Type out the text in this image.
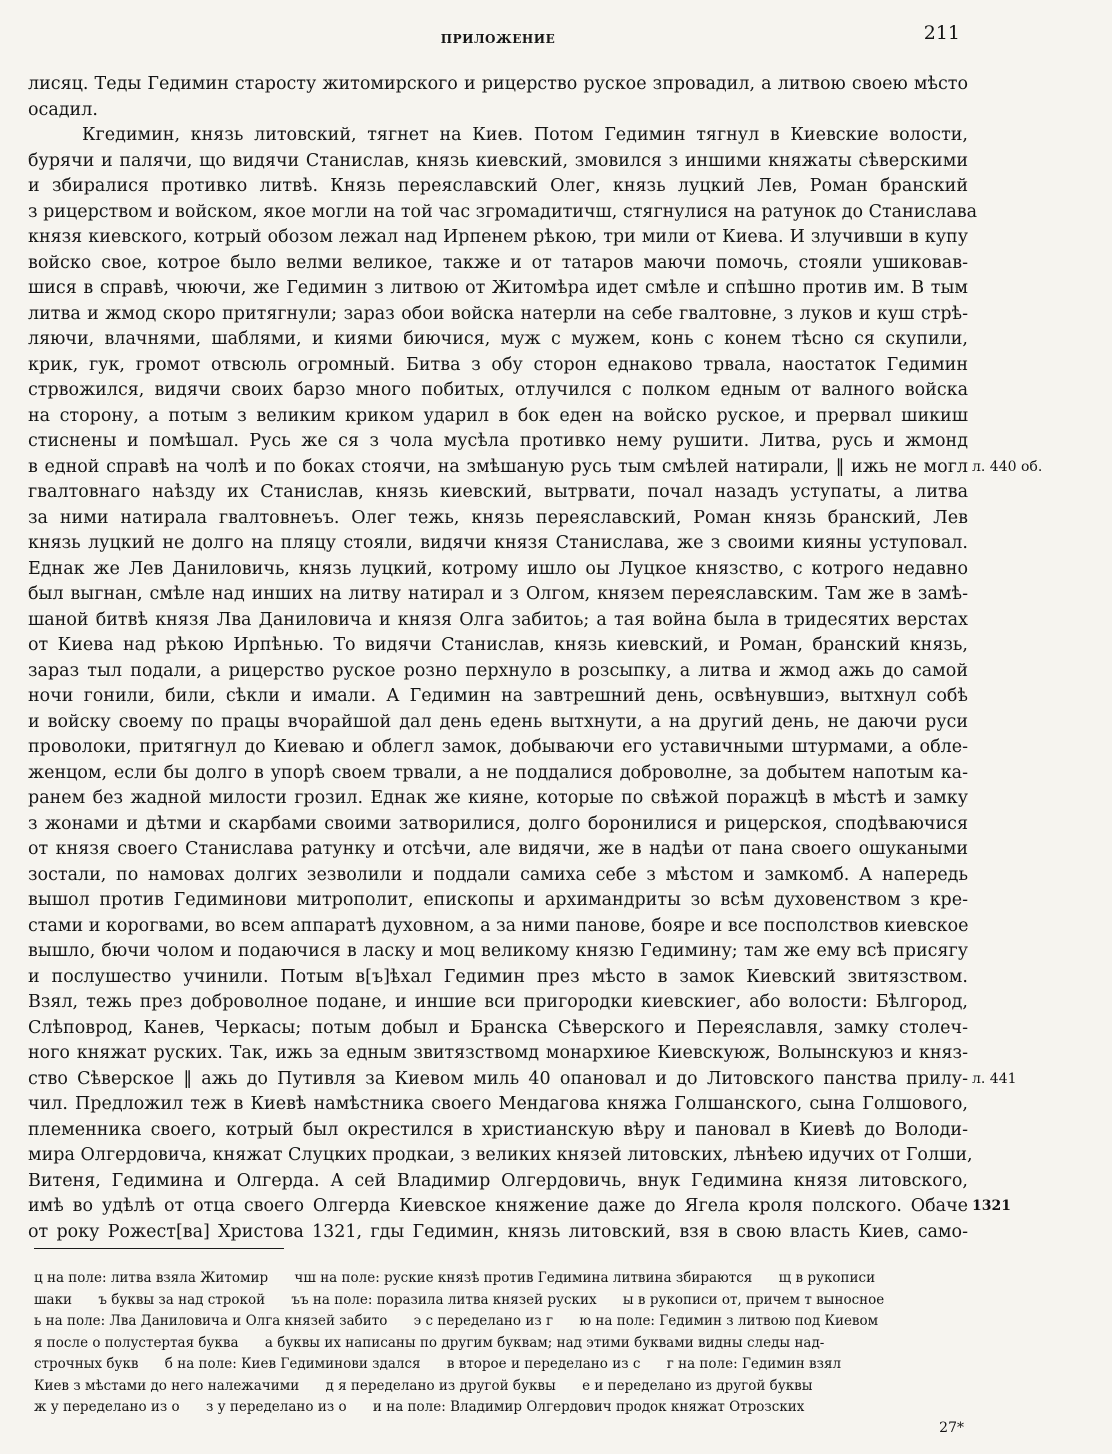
ПРИЛОЖЕНИЕ	211
лисяц. Теды Гедимин старосту житомирского и рицерство руское зпровадил, а литвою своею мѣсто
осадил.
Кгедимин, князь литовский, тягнет на Киев. Потом Гедимин тягнул в Киевские волости,
бурячи и палячи, що видячи Станислав, князь киевский, змовился з иншими княжаты сѣверскими
и збиралися противко литвѣ. Князь переяславский Олег, князь луцкий Лев, Роман бранский
з рицерством и войском, якое могли на той час згромадитичш, стягнулися на ратунок до Станислава
князя киевского, котрый обозом лежал над Ирпенем рѣкою, три мили от Киева. И злучивши в купу
войско свое, котрое было велми великое, также и от татаров маючи помочь, стояли ушиковав-
шися в справѣ, чюючи, же Гедимин з литвою от Житомѣра идет смѣле и спѣшно против им. В тым
литва и жмод скоро притягнули; зараз обои войска натерли на себе гвалтовне, з луков и куш стрѣ-
ляючи, влачнями, шаблями, и киями биючися, муж с мужем, конь с конем тѣсно ся скупили,
крик, гук, громот отвсюль огромный. Битва з обу сторон еднаково трвала, наостаток Гедимин
стрвожился, видячи своих барзо много побитых, отлучился с полком едным от валного войска
на сторону, а потым з великим криком ударил в бок еден на войско руское, и прервал шикиш
стиснены и помѣшал. Русь же ся з чола мусѣла противко нему рушити. Литва, русь и жмонд
в едной справѣ на чолѣ и по боках стоячи, на змѣшаную русь тым смѣлей натирали, ‖ ижь не могл
гвалтовнаго наѣзду их Станислав, князь киевский, вытрвати, почал назадъ уступаты, а литва
за ними натирала гвалтовнеъъ. Олег тежь, князь переяславский, Роман князь бранский, Лев
князь луцкий не долго на пляцу стояли, видячи князя Станислава, же з своими кияны уступовал.
Еднак же Лев Даниловичь, князь луцкий, котрому ишло оы Луцкое князство, с котрого недавно
был выгнан, смѣле над инших на литву натирал и з Олгом, князем переяславским. Там же в замѣ-
шаной битвѣ князя Лва Даниловича и князя Олга забитоь; а тая война была в тридесятих верстах
от Киева над рѣкою Ирпѣнью. То видячи Станислав, князь киевский, и Роман, бранский князь,
зараз тыл подали, а рицерство руское розно перхнуло в розсыпку, а литва и жмод ажь до самой
ночи гонили, били, сѣкли и имали. А Гедимин на завтрешний день, освѣнувшиэ, вытхнул собѣ
и войску своему по працы вчорайшой дал день едень вытхнути, а на другий день, не даючи руси
проволоки, притягнул до Киеваю и облегл замок, добываючи его уставичными штурмами, а обле-
женцом, если бы долго в упорѣ своем трвали, а не поддалися доброволне, за добытем напотым ка-
ранем без жадной милости грозил. Еднак же кияне, которые по свѣжой поражцѣ в мѣстѣ и замку
з жонами и дѣтми и скарбами своими затворилися, долго боронилися и рицерскоя, сподѣваючися
от князя своего Станислава ратунку и отсѣчи, але видячи, же в надѣи от пана своего ошукаными
зостали, по намовах долгих зезволили и поддали самиха себе з мѣстом и замкомб. А напередь
вышол против Гедиминови митрополит, епископы и архимандриты зо всѣм духовенством з кре-
стами и корогвами, во всем аппаратѣ духовном, а за ними панове, бояре и все посполствов киевское
вышло, бючи чолом и подаючися в ласку и моц великому князю Гедимину; там же ему всѣ присягу
и послушество учинили. Потым в[ъ]ѣхал Гедимин през мѣсто в замок Киевский звитязством.
Взял, тежь през доброволное подане, и иншие вси пригородки киевскиег, або волости: Бѣлгород,
Слѣповрод, Канев, Черкасы; потым добыл и Бранска Сѣверского и Переяславля, замку столеч-
ного княжат руских. Так, ижь за едным звитязствомд монархиюе Киевскуюж, Волынскуюз и княз-
ство Сѣверское ‖ ажь до Путивля за Киевом миль 40 опановал и до Литовского панства прилу-
чил. Предложил теж в Киевѣ намѣстника своего Мендагова княжа Голшанского, сына Голшового,
племенника своего, котрый был окрестился в христианскую вѣру и пановал в Киевѣ до Володи-
мира Олгердовича, княжат Слуцких продкаи, з великих князей литовских, лѣнѣею идучих от Голши,
Витеня, Гедимина и Олгерда. А сей Владимир Олгердовичь, внук Гедимина князя литовского,
имѣ во удѣлѣ от отца своего Олгерда Киевское княжение даже до Ягела кроля полского. Обаче
от року Рожест[ва] Христова 1321, гды Гедимин, князь литовский, взя в свою власть Киев, само-
л. 440 об.
л. 441
1321
ц на поле: литва взяла Житомир чш на поле: руские князѣ против Гедимина литвина збираются щ в рукописи
шаки ъ буквы за над строкой ъъ на поле: поразила литва князей руских ы в рукописи от, причем т выносное
ь на поле: Лва Даниловича и Олга князей забито э с переделано из г ю на поле: Гедимин з литвою под Киевом
я после о полустертая буква а буквы их написаны по другим буквам; над этими буквами видны следы над-
строчных букв б на поле: Киев Гедиминови здался в второе и переделано из с г на поле: Гедимин взял
Киев з мѣстами до него належачими д я переделано из другой буквы е и переделано из другой буквы
ж у переделано из о з у переделано из о и на поле: Владимир Олгердович продок княжат Отрозских
27*
